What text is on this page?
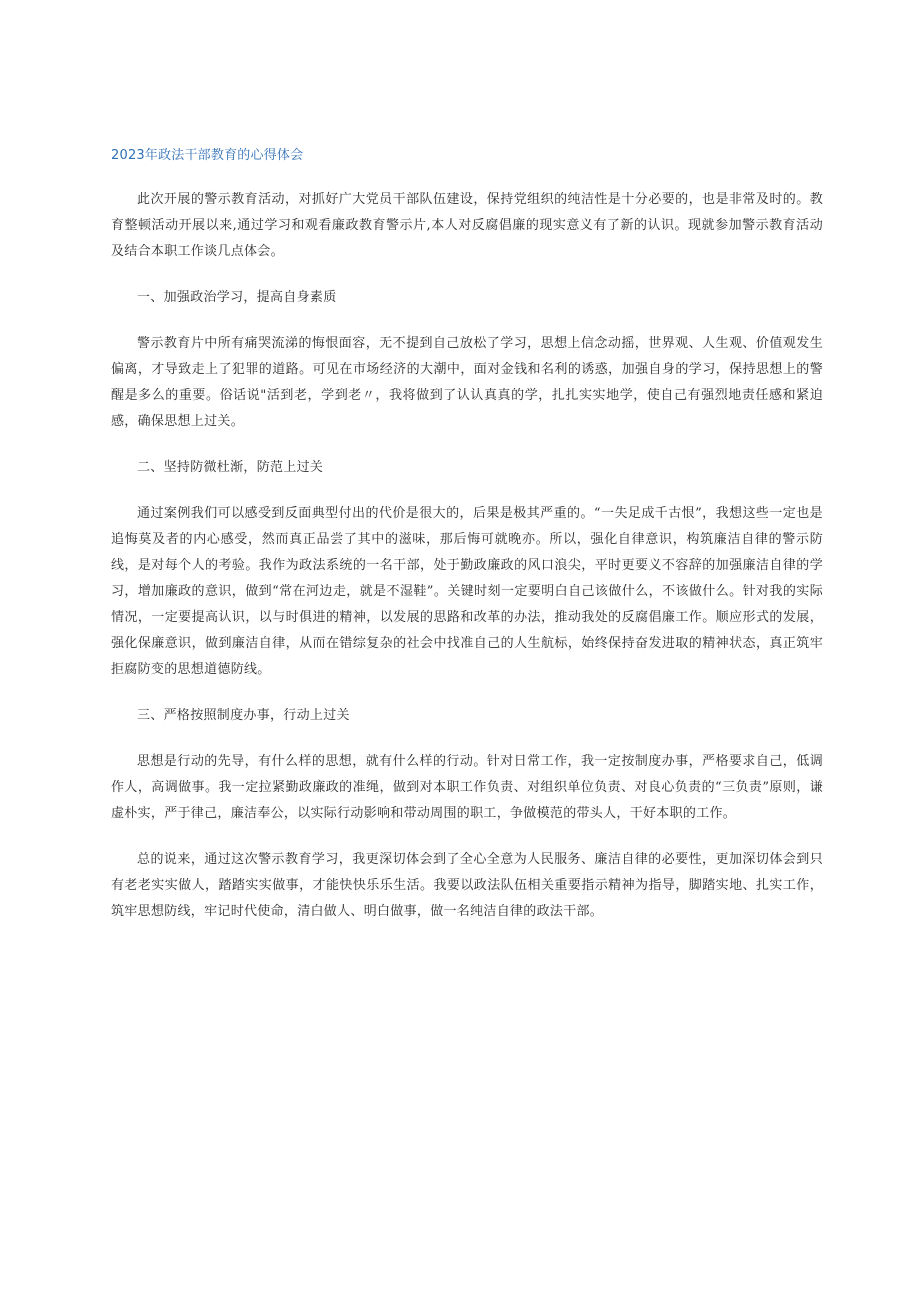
2023年政法干部教育的心得体会

此次开展的警示教育活动，对抓好广大党员干部队伍建设，保持党组织的纯洁性是十分必要的，也是非常及时的。教育整顿活动开展以来,通过学习和观看廉政教育警示片,本人对反腐倡廉的现实意义有了新的认识。现就参加警示教育活动及结合本职工作谈几点体会。

一、加强政治学习，提高自身素质

警示教育片中所有痛哭流涕的悔恨面容，无不提到自己放松了学习，思想上信念动摇，世界观、人生观、价值观发生偏离，才导致走上了犯罪的道路。可见在市场经济的大潮中，面对金钱和名利的诱惑，加强自身的学习，保持思想上的警醒是多么的重要。俗话说"活到老，学到老〃，我将做到了认认真真的学，扎扎实实地学，使自己有强烈地责任感和紧迫感，确保思想上过关。

二、坚持防微杜渐，防范上过关

通过案例我们可以感受到反面典型付出的代价是很大的，后果是极其严重的。“一失足成千古恨”，我想这些一定也是追悔莫及者的内心感受，然而真正品尝了其中的滋味，那后悔可就晚亦。所以，强化自律意识，构筑廉洁自律的警示防线，是对每个人的考验。我作为政法系统的一名干部，处于勤政廉政的风口浪尖，平时更要义不容辞的加强廉洁自律的学习，增加廉政的意识，做到“常在河边走，就是不湿鞋”。关键时刻一定要明白自己该做什么，不该做什么。针对我的实际情况，一定要提高认识，以与时俱进的精神，以发展的思路和改革的办法，推动我处的反腐倡廉工作。顺应形式的发展，强化保廉意识，做到廉洁自律，从而在错综复杂的社会中找准自己的人生航标，始终保持奋发进取的精神状态，真正筑牢拒腐防变的思想道德防线。

三、严格按照制度办事，行动上过关

思想是行动的先导，有什么样的思想，就有什么样的行动。针对日常工作，我一定按制度办事，严格要求自己，低调作人，高调做事。我一定拉紧勤政廉政的准绳，做到对本职工作负责、对组织单位负责、对良心负责的“三负责”原则，谦虚朴实，严于律己，廉洁奉公，以实际行动影响和带动周围的职工，争做模范的带头人，干好本职的工作。

总的说来，通过这次警示教育学习，我更深切体会到了全心全意为人民服务、廉洁自律的必要性，更加深切体会到只有老老实实做人，踏踏实实做事，才能快快乐乐生活。我要以政法队伍相关重要指示精神为指导，脚踏实地、扎实工作，筑牢思想防线，牢记时代使命，清白做人、明白做事，做一名纯洁自律的政法干部。
